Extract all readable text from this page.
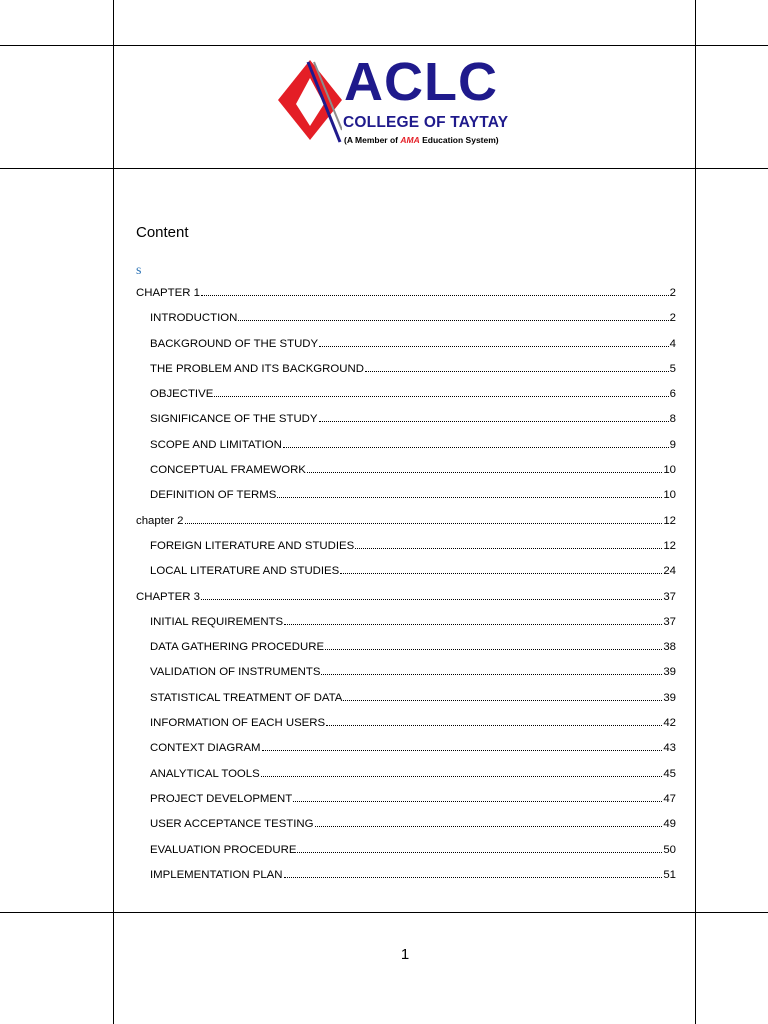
ACLC
COLLEGE OF TAYTAY
(A Member of AMA Education System)
Content
s
CHAPTER 1	2
INTRODUCTION	2
BACKGROUND OF THE STUDY	4
THE PROBLEM AND ITS BACKGROUND	5
OBJECTIVE	6
SIGNIFICANCE OF THE STUDY	8
SCOPE AND LIMITATION	9
CONCEPTUAL FRAMEWORK	10
DEFINITION OF TERMS	10
chapter 2	12
FOREIGN LITERATURE AND STUDIES	12
LOCAL LITERATURE AND STUDIES	24
CHAPTER 3	37
INITIAL REQUIREMENTS	37
DATA GATHERING PROCEDURE	38
VALIDATION OF INSTRUMENTS	39
STATISTICAL TREATMENT OF DATA	39
INFORMATION OF EACH USERS	42
CONTEXT DIAGRAM	43
ANALYTICAL TOOLS	45
PROJECT DEVELOPMENT	47
USER ACCEPTANCE TESTING	49
EVALUATION PROCEDURE	50
IMPLEMENTATION PLAN	51
1
